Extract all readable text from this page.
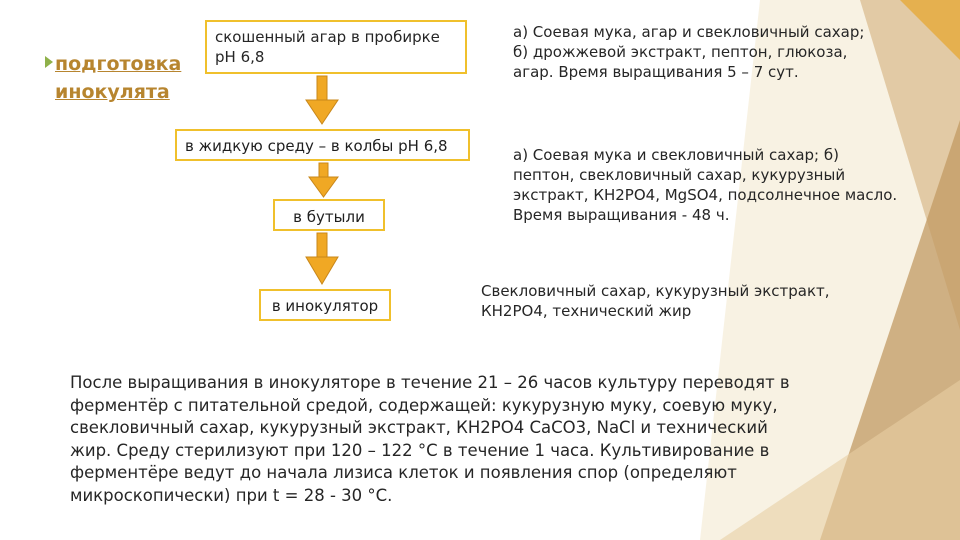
подготовка
инокулята
скошенный агар в пробирке
pH 6,8
в жидкую среду – в колбы рН 6,8
в бутыли
в инокулятор
а) Соевая мука, агар и свекловичный сахар;
б) дрожжевой экстракт, пептон, глюкоза,
агар. Время выращивания 5 – 7 сут.
а) Соевая мука и свекловичный сахар; б)
пептон, свекловичный сахар, кукурузный
экстракт, КН2РО4, MgSO4, подсолнечное масло.
Время выращивания - 48 ч.
Свекловичный сахар, кукурузный экстракт,
КН2РО4, технический жир
После выращивания в инокуляторе в течение 21 – 26 часов культуру переводят в
ферментёр с питательной средой, содержащей: кукурузную муку, соевую муку,
свекловичный сахар, кукурузный экстракт, КН2РО4 СаСО3, NaCl и технический
жир. Среду стерилизуют при 120 – 122 °С в течение 1 часа. Культивирование в
ферментёре ведут до начала лизиса клеток и появления спор (определяют
микроскопически) при t = 28 - 30 °С.
